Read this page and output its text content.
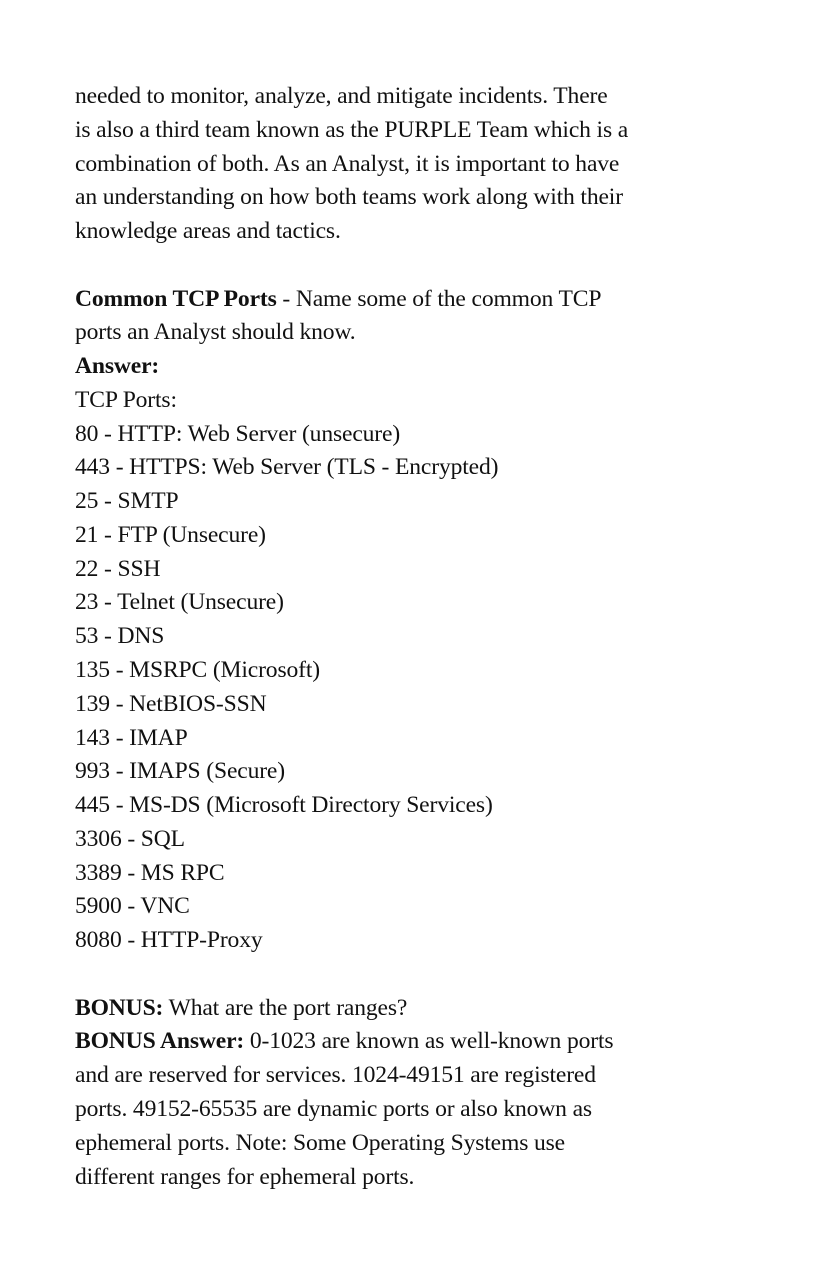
needed to monitor, analyze, and mitigate incidents. There
is also a third team known as the PURPLE Team which is a
combination of both. As an Analyst, it is important to have
an understanding on how both teams work along with their
knowledge areas and tactics.
Common TCP Ports - Name some of the common TCP
ports an Analyst should know.
Answer:
TCP Ports:
80 - HTTP: Web Server (unsecure)
443 - HTTPS: Web Server (TLS - Encrypted)
25 - SMTP
21 - FTP (Unsecure)
22 - SSH
23 - Telnet (Unsecure)
53 - DNS
135 - MSRPC (Microsoft)
139 - NetBIOS-SSN
143 - IMAP
993 - IMAPS (Secure)
445 - MS-DS (Microsoft Directory Services)
3306 - SQL
3389 - MS RPC
5900 - VNC
8080 - HTTP-Proxy
BONUS: What are the port ranges?
BONUS Answer: 0-1023 are known as well-known ports
and are reserved for services. 1024-49151 are registered
ports. 49152-65535 are dynamic ports or also known as
ephemeral ports. Note: Some Operating Systems use
different ranges for ephemeral ports.
